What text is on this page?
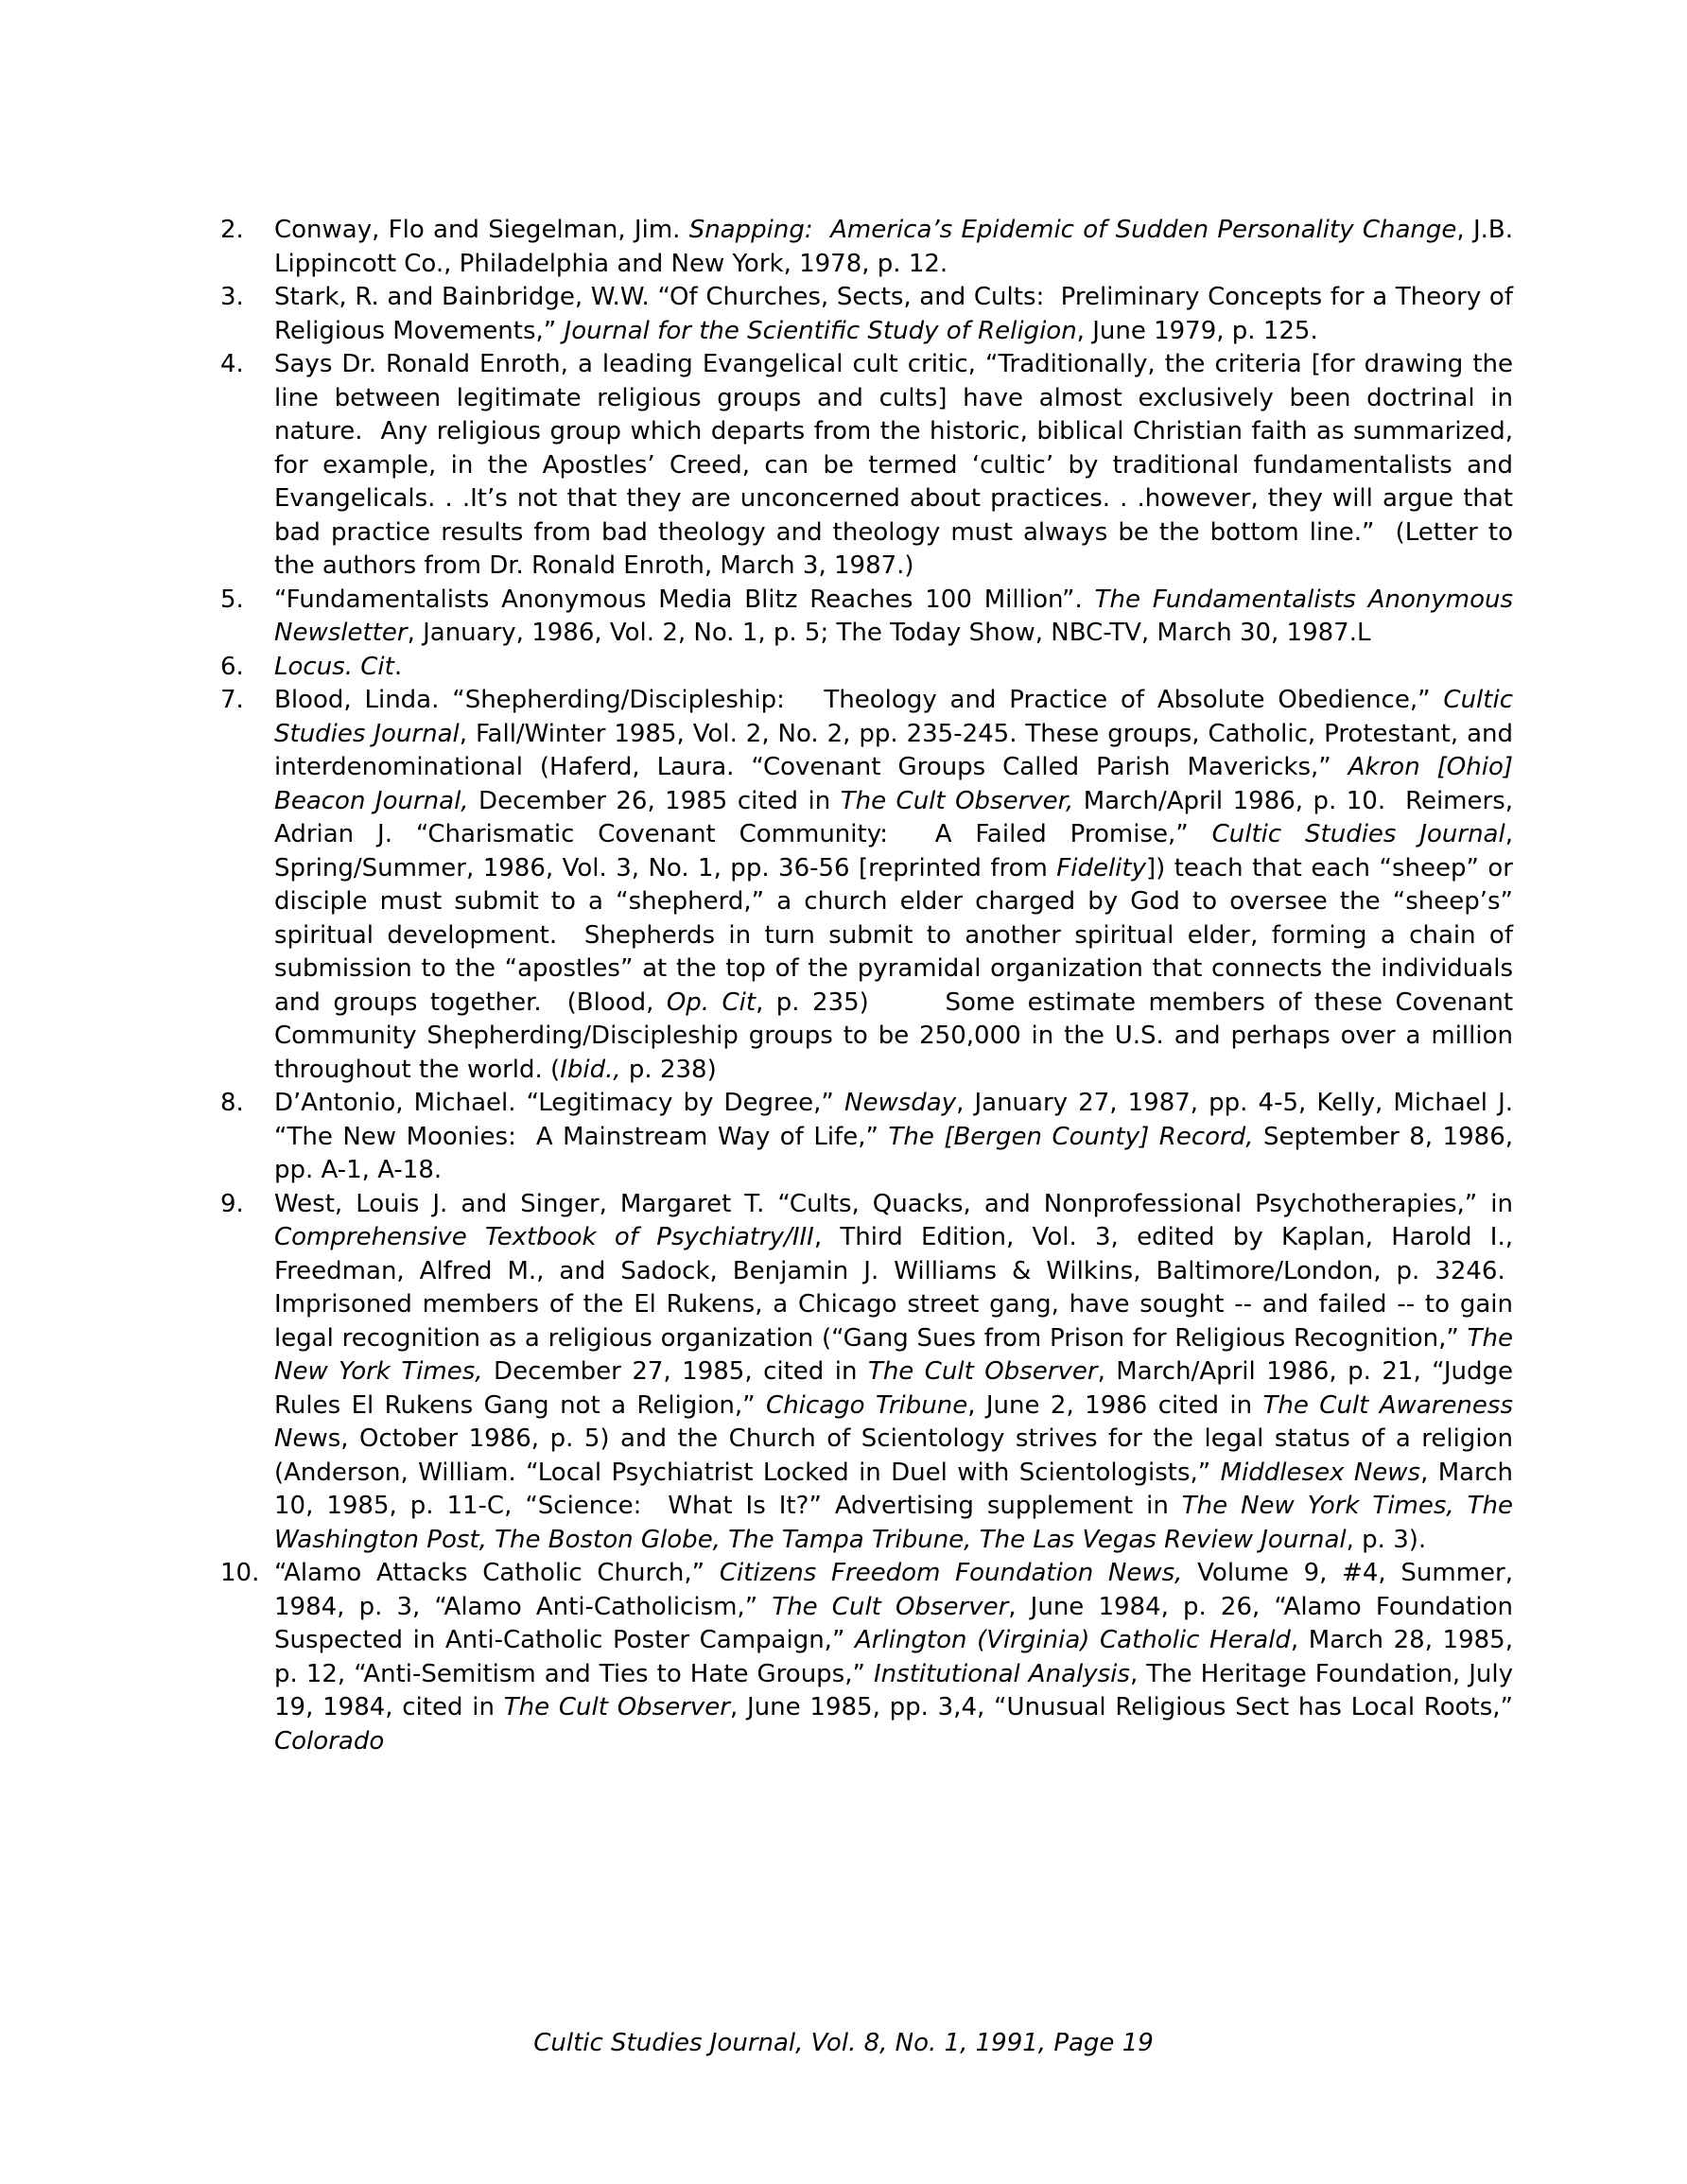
2. Conway, Flo and Siegelman, Jim. Snapping:  America’s Epidemic of Sudden Personality Change, J.B. Lippincott Co., Philadelphia and New York, 1978, p. 12.
3. Stark, R. and Bainbridge, W.W. “Of Churches, Sects, and Cults:  Preliminary Concepts for a Theory of Religious Movements,” Journal for the Scientific Study of Religion, June 1979, p. 125.
4. Says Dr. Ronald Enroth, a leading Evangelical cult critic, “Traditionally, the criteria [for drawing the line between legitimate religious groups and cults] have almost exclusively been doctrinal in nature.  Any religious group which departs from the historic, biblical Christian faith as summarized, for example, in the Apostles’ Creed, can be termed ‘cultic’ by traditional fundamentalists and Evangelicals. . .It’s not that they are unconcerned about practices. . .however, they will argue that bad practice results from bad theology and theology must always be the bottom line.”  (Letter to the authors from Dr. Ronald Enroth, March 3, 1987.)
5. “Fundamentalists Anonymous Media Blitz Reaches 100 Million”. The Fundamentalists Anonymous Newsletter, January, 1986, Vol. 2, No. 1, p. 5; The Today Show, NBC-TV, March 30, 1987.L
6. Locus. Cit.
7. Blood, Linda. “Shepherding/Discipleship:   Theology and Practice of Absolute Obedience,” Cultic Studies Journal, Fall/Winter 1985, Vol. 2, No. 2, pp. 235-245. These groups, Catholic, Protestant, and interdenominational (Haferd, Laura. “Covenant Groups Called Parish Mavericks,” Akron [Ohio] Beacon Journal, December 26, 1985 cited in The Cult Observer, March/April 1986, p. 10.  Reimers, Adrian J. “Charismatic Covenant Community:  A Failed Promise,” Cultic Studies Journal, Spring/Summer, 1986, Vol. 3, No. 1, pp. 36-56 [reprinted from Fidelity]) teach that each “sheep” or disciple must submit to a “shepherd,” a church elder charged by God to oversee the “sheep’s” spiritual development.  Shepherds in turn submit to another spiritual elder, forming a chain of submission to the “apostles” at the top of the pyramidal organization that connects the individuals and groups together.  (Blood, Op. Cit, p. 235)      Some estimate members of these Covenant Community Shepherding/Discipleship groups to be 250,000 in the U.S. and perhaps over a million throughout the world. (Ibid., p. 238)
8. D’Antonio, Michael. “Legitimacy by Degree,” Newsday, January 27, 1987, pp. 4-5, Kelly, Michael J. “The New Moonies:  A Mainstream Way of Life,” The [Bergen County] Record, September 8, 1986, pp. A-1, A-18.
9. West, Louis J. and Singer, Margaret T. “Cults, Quacks, and Nonprofessional Psychotherapies,” in Comprehensive Textbook of Psychiatry/III, Third Edition, Vol. 3, edited by Kaplan, Harold I., Freedman, Alfred M., and Sadock, Benjamin J. Williams & Wilkins, Baltimore/London, p. 3246.  Imprisoned members of the El Rukens, a Chicago street gang, have sought -- and failed -- to gain legal recognition as a religious organization (“Gang Sues from Prison for Religious Recognition,” The New York Times, December 27, 1985, cited in The Cult Observer, March/April 1986, p. 21, “Judge Rules El Rukens Gang not a Religion,” Chicago Tribune, June 2, 1986 cited in The Cult Awareness News, October 1986, p. 5) and the Church of Scientology strives for the legal status of a religion (Anderson, William. “Local Psychiatrist Locked in Duel with Scientologists,” Middlesex News, March 10, 1985, p. 11-C, “Science:  What Is It?” Advertising supplement in The New York Times, The Washington Post, The Boston Globe, The Tampa Tribune, The Las Vegas Review Journal, p. 3).
10. “Alamo Attacks Catholic Church,” Citizens Freedom Foundation News, Volume 9, #4, Summer, 1984, p. 3, “Alamo Anti-Catholicism,” The Cult Observer, June 1984, p. 26, “Alamo Foundation Suspected in Anti-Catholic Poster Campaign,” Arlington (Virginia) Catholic Herald, March 28, 1985, p. 12, “Anti-Semitism and Ties to Hate Groups,” Institutional Analysis, The Heritage Foundation, July 19, 1984, cited in The Cult Observer, June 1985, pp. 3,4, “Unusual Religious Sect has Local Roots,” Colorado
Cultic Studies Journal, Vol. 8, No. 1, 1991, Page 19
